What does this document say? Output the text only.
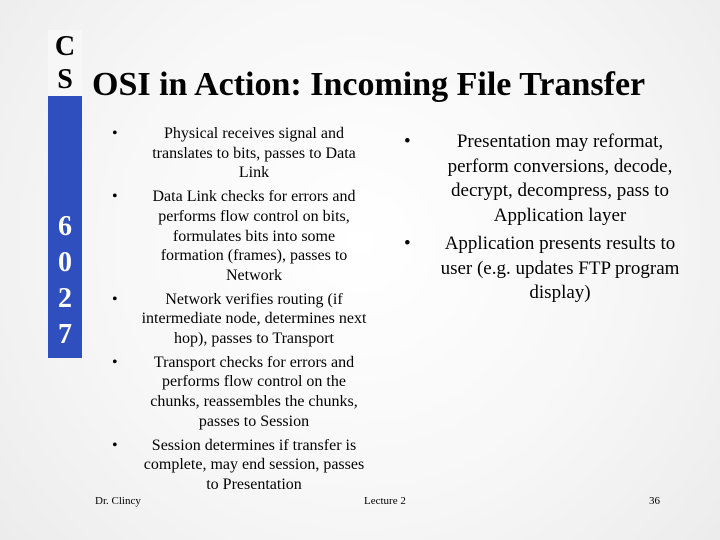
C
S
6
0
2
7
OSI in Action: Incoming File Transfer
•	Physical receives signal and translates to bits, passes to Data Link
•	Data Link checks for errors and performs flow control on bits, formulates bits into some formation (frames), passes to Network
•	Network verifies routing (if intermediate node, determines next hop), passes to Transport
•	Transport checks for errors and performs flow control on the chunks, reassembles the chunks, passes to Session
•	Session determines if transfer is complete, may end session, passes to Presentation
•	Presentation may reformat, perform conversions, decode, decrypt, decompress, pass to Application layer
•	Application presents results to user (e.g. updates FTP program display)
Dr. Clincy	Lecture 2	36
